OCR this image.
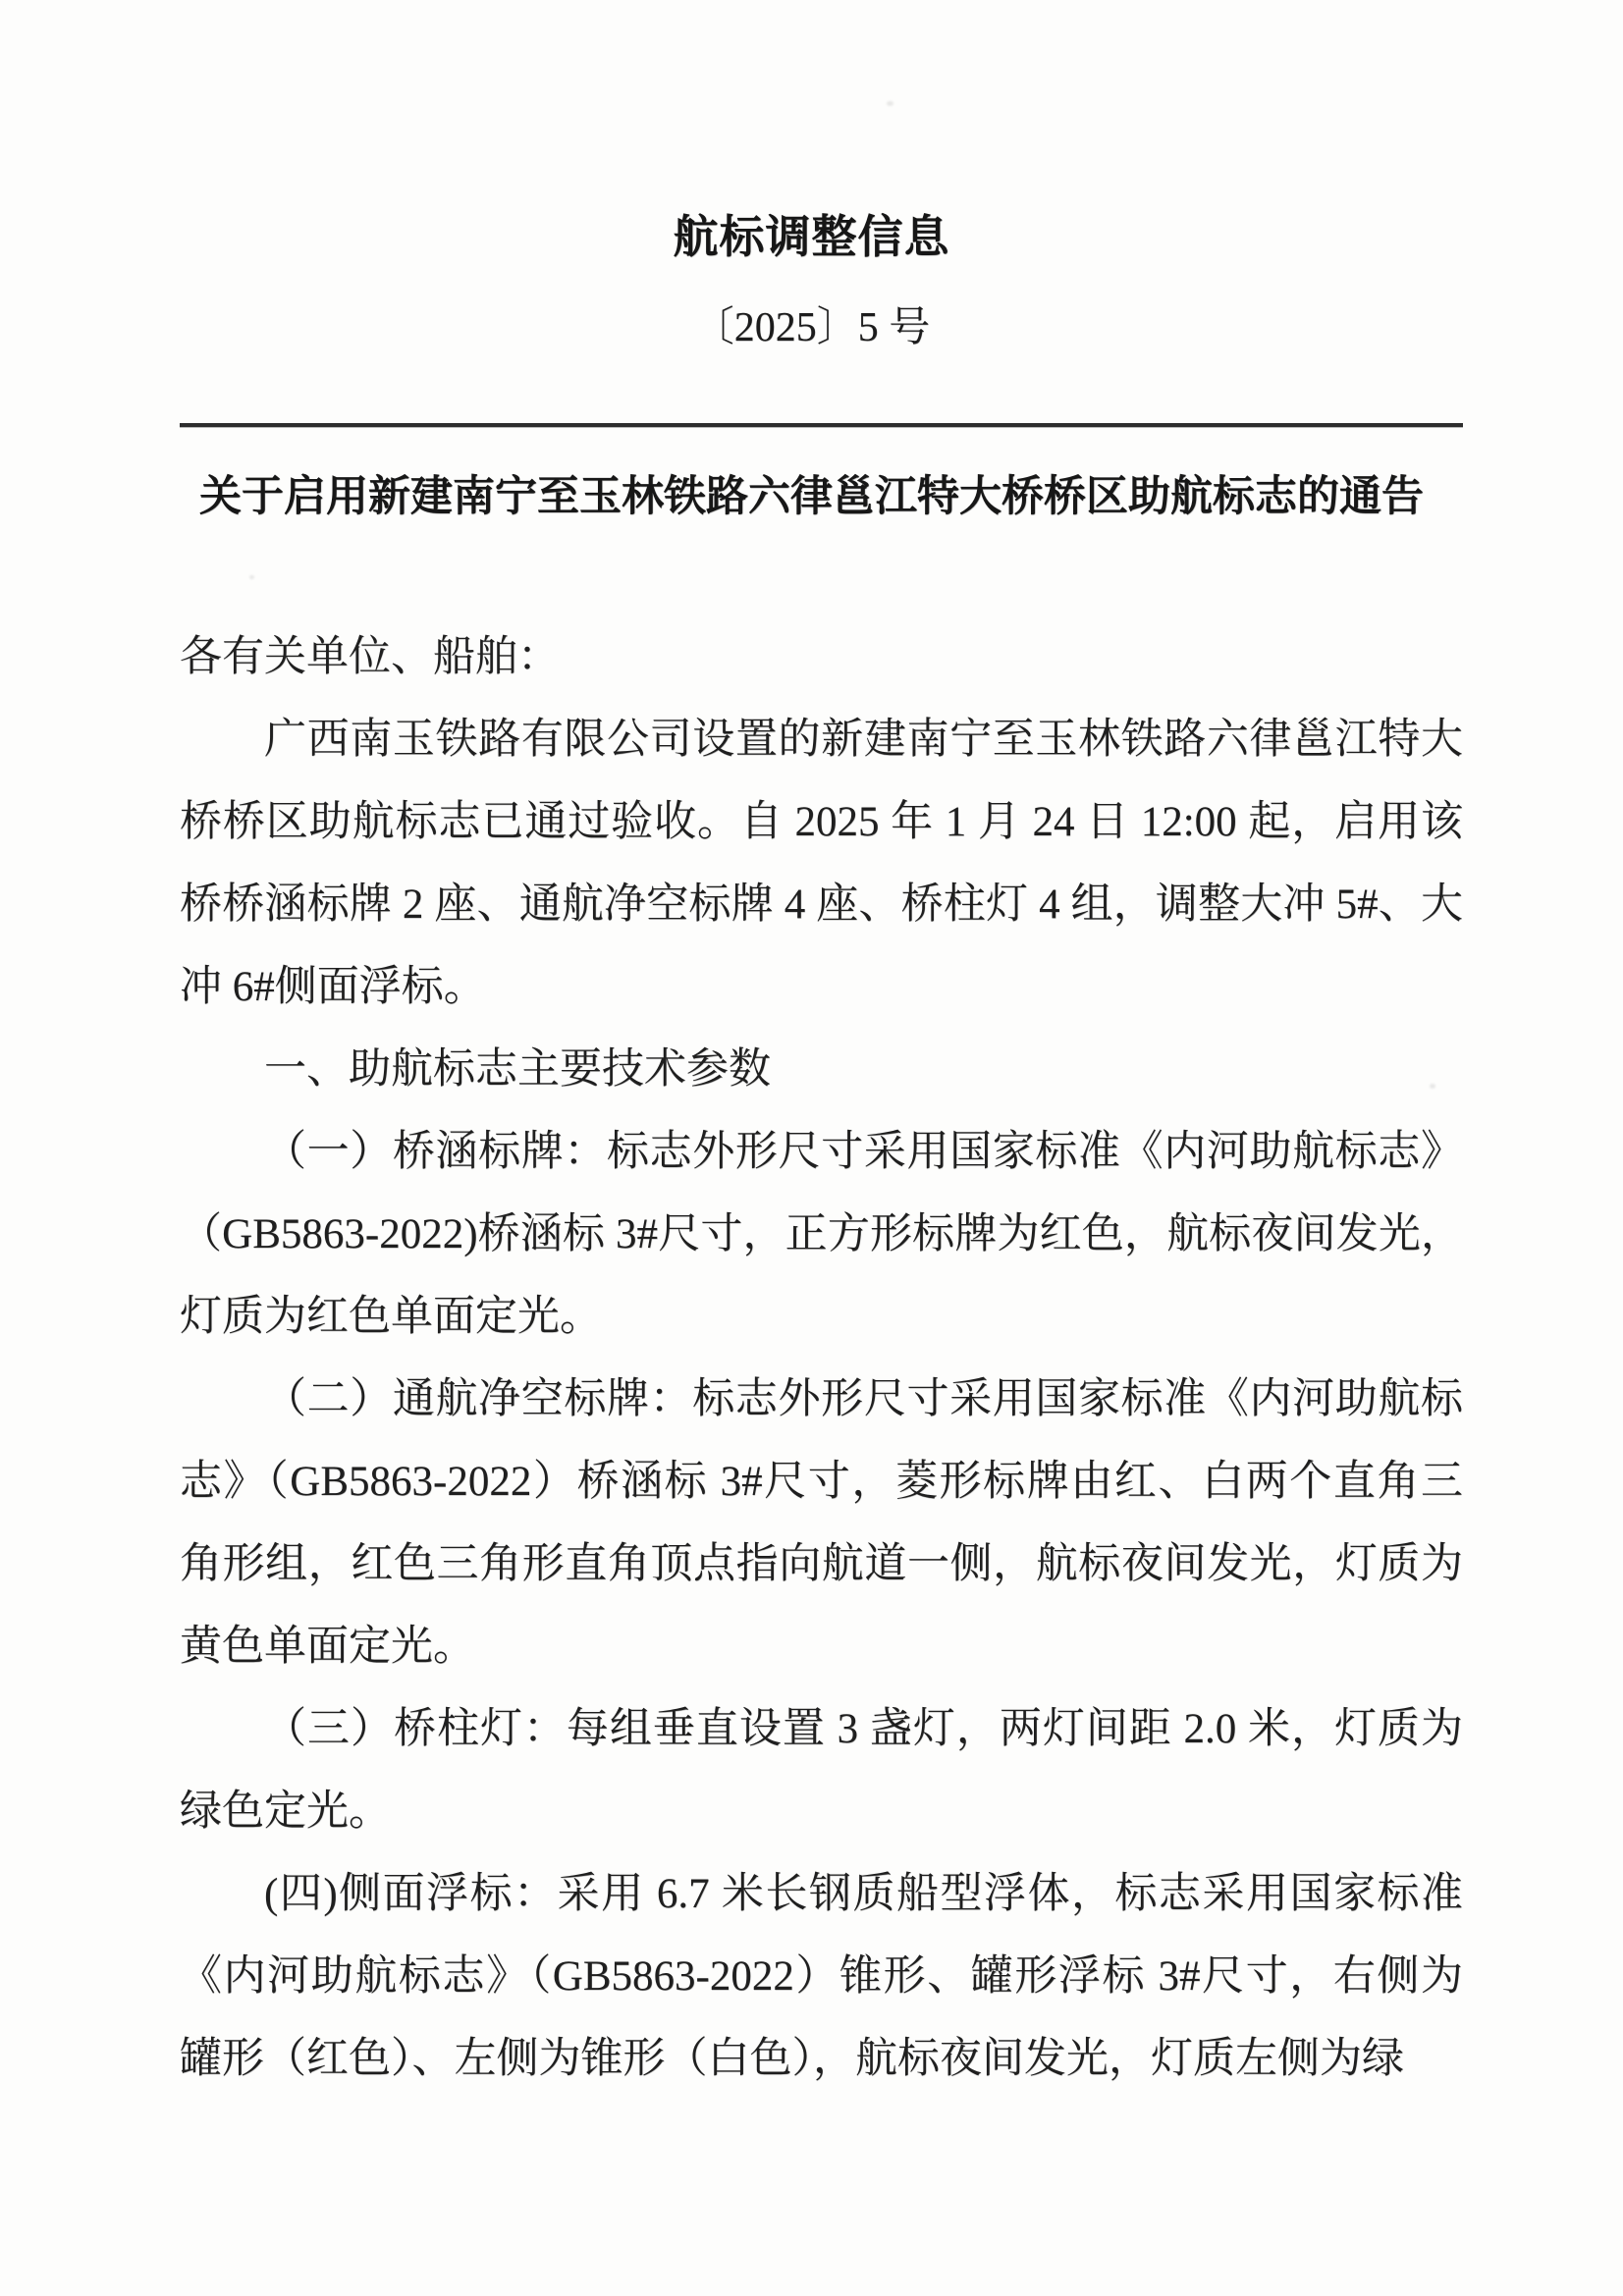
航标调整信息
〔2025〕5 号
关于启用新建南宁至玉林铁路六律邕江特大桥桥区助航标志的通告

各有关单位、船舶：

广西南玉铁路有限公司设置的新建南宁至玉林铁路六律邕江特大桥桥区助航标志已通过验收。自 2025 年 1 月 24 日 12:00 起，启用该桥桥涵标牌 2 座、通航净空标牌 4 座、桥柱灯 4 组，调整大冲 5#、大冲 6#侧面浮标。

一、助航标志主要技术参数

（一）桥涵标牌：标志外形尺寸采用国家标准《内河助航标志》（GB5863-2022)桥涵标 3#尺寸，正方形标牌为红色，航标夜间发光，灯质为红色单面定光。

（二）通航净空标牌：标志外形尺寸采用国家标准《内河助航标志》（GB5863-2022）桥涵标 3#尺寸，菱形标牌由红、白两个直角三角形组，红色三角形直角顶点指向航道一侧，航标夜间发光，灯质为黄色单面定光。

（三）桥柱灯：每组垂直设置 3 盏灯，两灯间距 2.0 米，灯质为绿色定光。

(四)侧面浮标：采用 6.7 米长钢质船型浮体，标志采用国家标准《内河助航标志》（GB5863-2022）锥形、罐形浮标 3#尺寸，右侧为罐形（红色）、左侧为锥形（白色），航标夜间发光，灯质左侧为绿
